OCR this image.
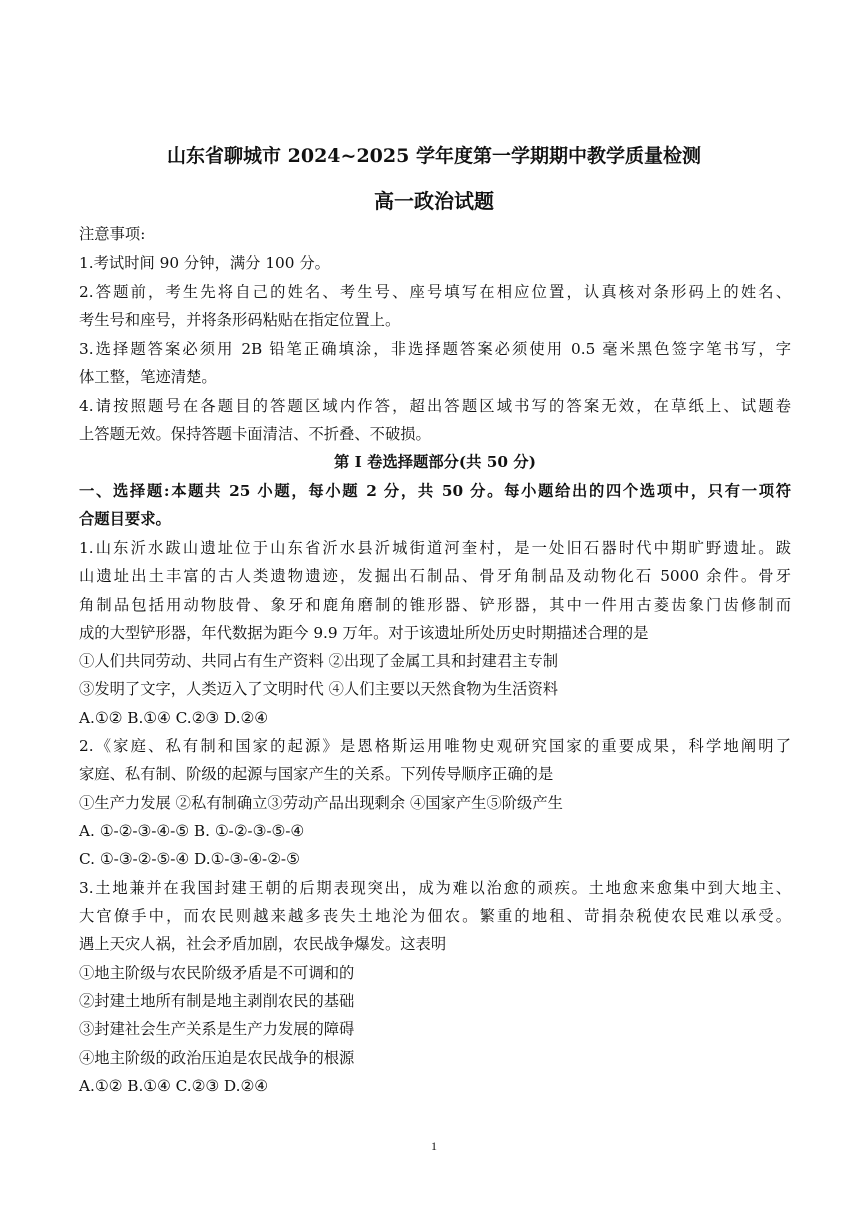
山东省聊城市 2024~2025 学年度第一学期期中教学质量检测
高一政治试题
注意事项:
1.考试时间 90 分钟，满分 100 分。
2.答题前，考生先将自己的姓名、考生号、座号填写在相应位置，认真核对条形码上的姓名、
考生号和座号，并将条形码粘贴在指定位置上。
3.选择题答案必须用 2B 铅笔正确填涂，非选择题答案必须使用 0.5 毫米黑色签字笔书写，字
体工整，笔迹清楚。
4.请按照题号在各题目的答题区域内作答，超出答题区域书写的答案无效，在草纸上、试题卷
上答题无效。保持答题卡面清洁、不折叠、不破损。
第 I 卷选择题部分(共 50 分)
一、选择题:本题共 25 小题，每小题 2 分，共 50 分。每小题给出的四个选项中，只有一项符
合题目要求。
1.山东沂水跋山遗址位于山东省沂水县沂城街道河奎村，是一处旧石器时代中期旷野遗址。跋
山遗址出土丰富的古人类遗物遗迹，发掘出石制品、骨牙角制品及动物化石 5000 余件。骨牙
角制品包括用动物肢骨、象牙和鹿角磨制的锥形器、铲形器，其中一件用古菱齿象门齿修制而
成的大型铲形器，年代数据为距今 9.9 万年。对于该遗址所处历史时期描述合理的是
①人们共同劳动、共同占有生产资料 ②出现了金属工具和封建君主专制
③发明了文字，人类迈入了文明时代 ④人们主要以天然食物为生活资料
A.①② B.①④ C.②③ D.②④
2.《家庭、私有制和国家的起源》是恩格斯运用唯物史观研究国家的重要成果，科学地阐明了
家庭、私有制、阶级的起源与国家产生的关系。下列传导顺序正确的是
①生产力发展 ②私有制确立③劳动产品出现剩余 ④国家产生⑤阶级产生
A. ①-②-③-④-⑤ B. ①-②-③-⑤-④
C. ①-③-②-⑤-④ D.①-③-④-②-⑤
3.土地兼并在我国封建王朝的后期表现突出，成为难以治愈的顽疾。土地愈来愈集中到大地主、
大官僚手中，而农民则越来越多丧失土地沦为佃农。繁重的地租、苛捐杂税使农民难以承受。
遇上天灾人祸，社会矛盾加剧，农民战争爆发。这表明
①地主阶级与农民阶级矛盾是不可调和的
②封建土地所有制是地主剥削农民的基础
③封建社会生产关系是生产力发展的障碍
④地主阶级的政治压迫是农民战争的根源
A.①② B.①④ C.②③ D.②④
1
